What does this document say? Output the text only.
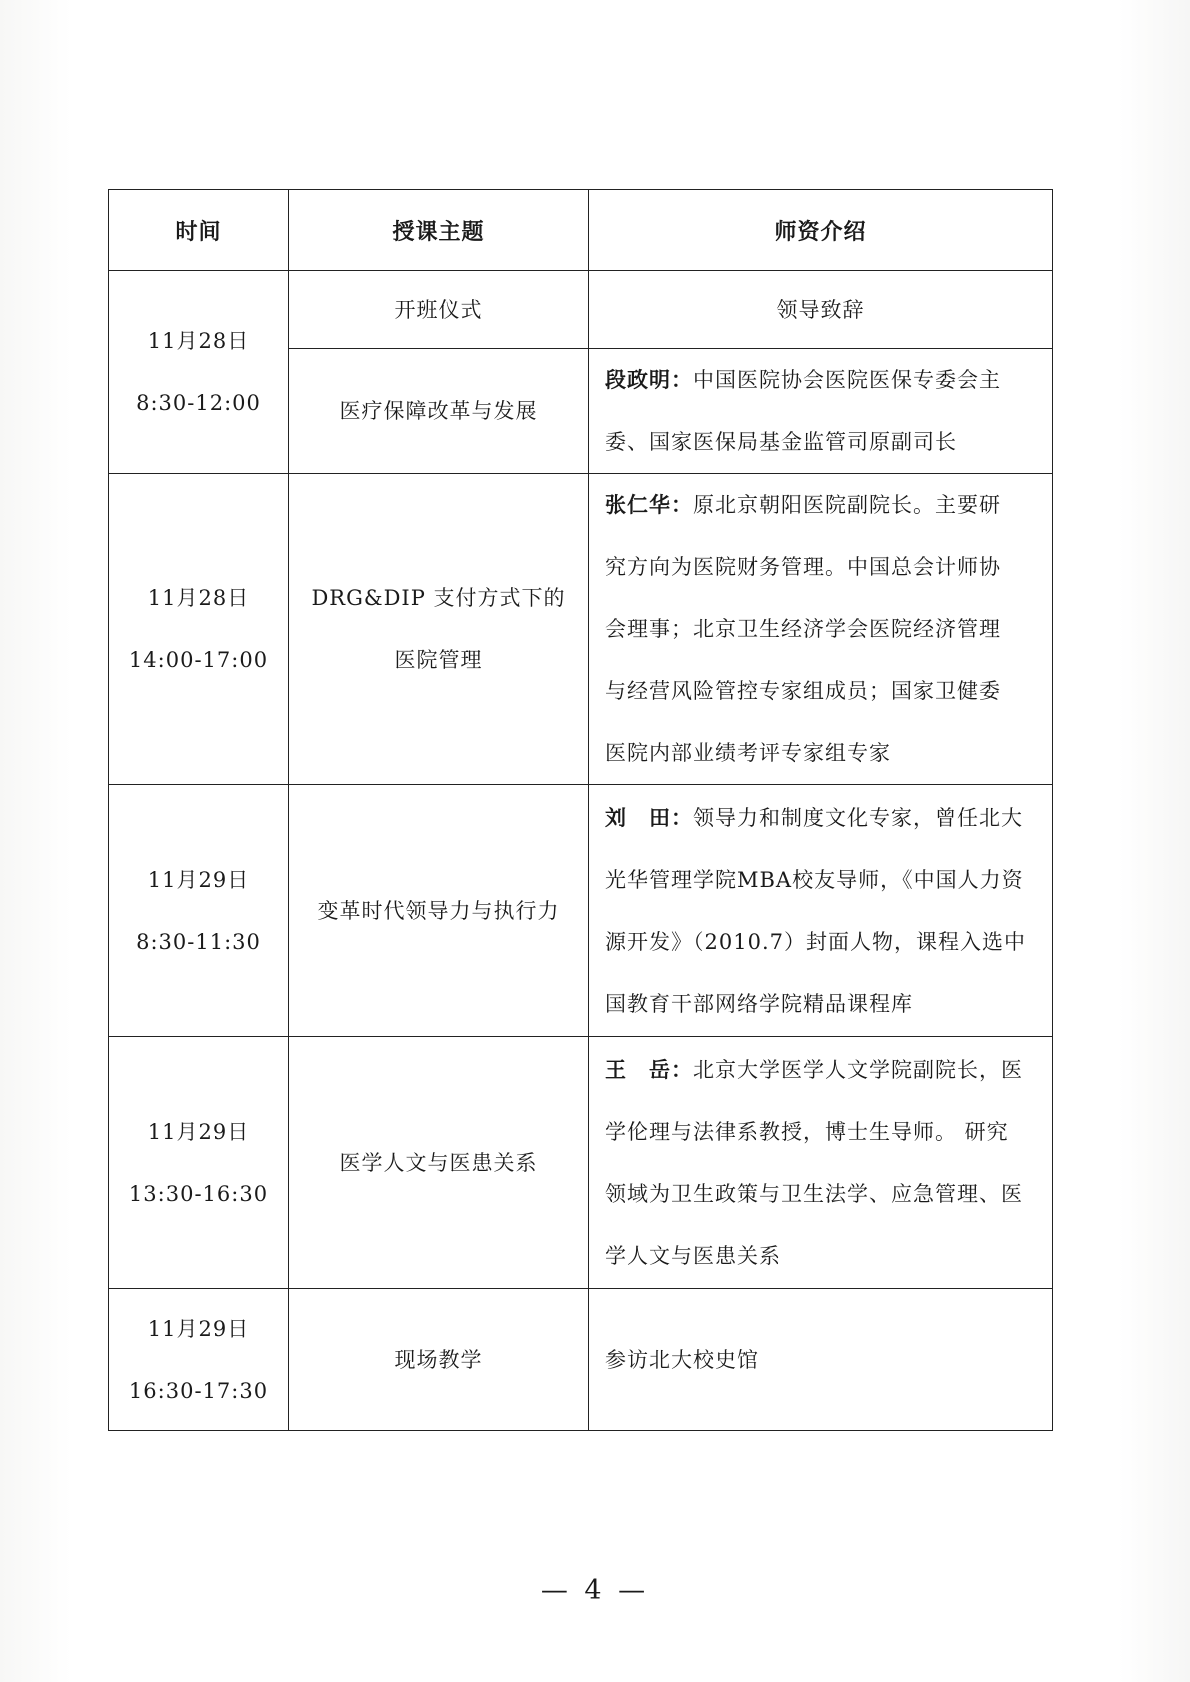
时间	授课主题	师资介绍

11月28日
8:30-12:00	开班仪式	领导致辞

	医疗保障改革与发展	段政明：中国医院协会医院医保专委会主
委、国家医保局基金监管司原副司长

11月28日
14:00-17:00	DRG&DIP 支付方式下的
医院管理	张仁华：原北京朝阳医院副院长。主要研
究方向为医院财务管理。中国总会计师协
会理事；北京卫生经济学会医院经济管理
与经营风险管控专家组成员；国家卫健委
医院内部业绩考评专家组专家

11月29日
8:30-11:30	变革时代领导力与执行力	刘　田：领导力和制度文化专家，曾任北大
光华管理学院MBA校友导师，《中国人力资
源开发》（2010.7）封面人物，课程入选中
国教育干部网络学院精品课程库

11月29日
13:30-16:30	医学人文与医患关系	王　岳：北京大学医学人文学院副院长，医
学伦理与法律系教授，博士生导师。 研究
领域为卫生政策与卫生法学、应急管理、医
学人文与医患关系

11月29日
16:30-17:30	现场教学	参访北大校史馆
— 4 —
